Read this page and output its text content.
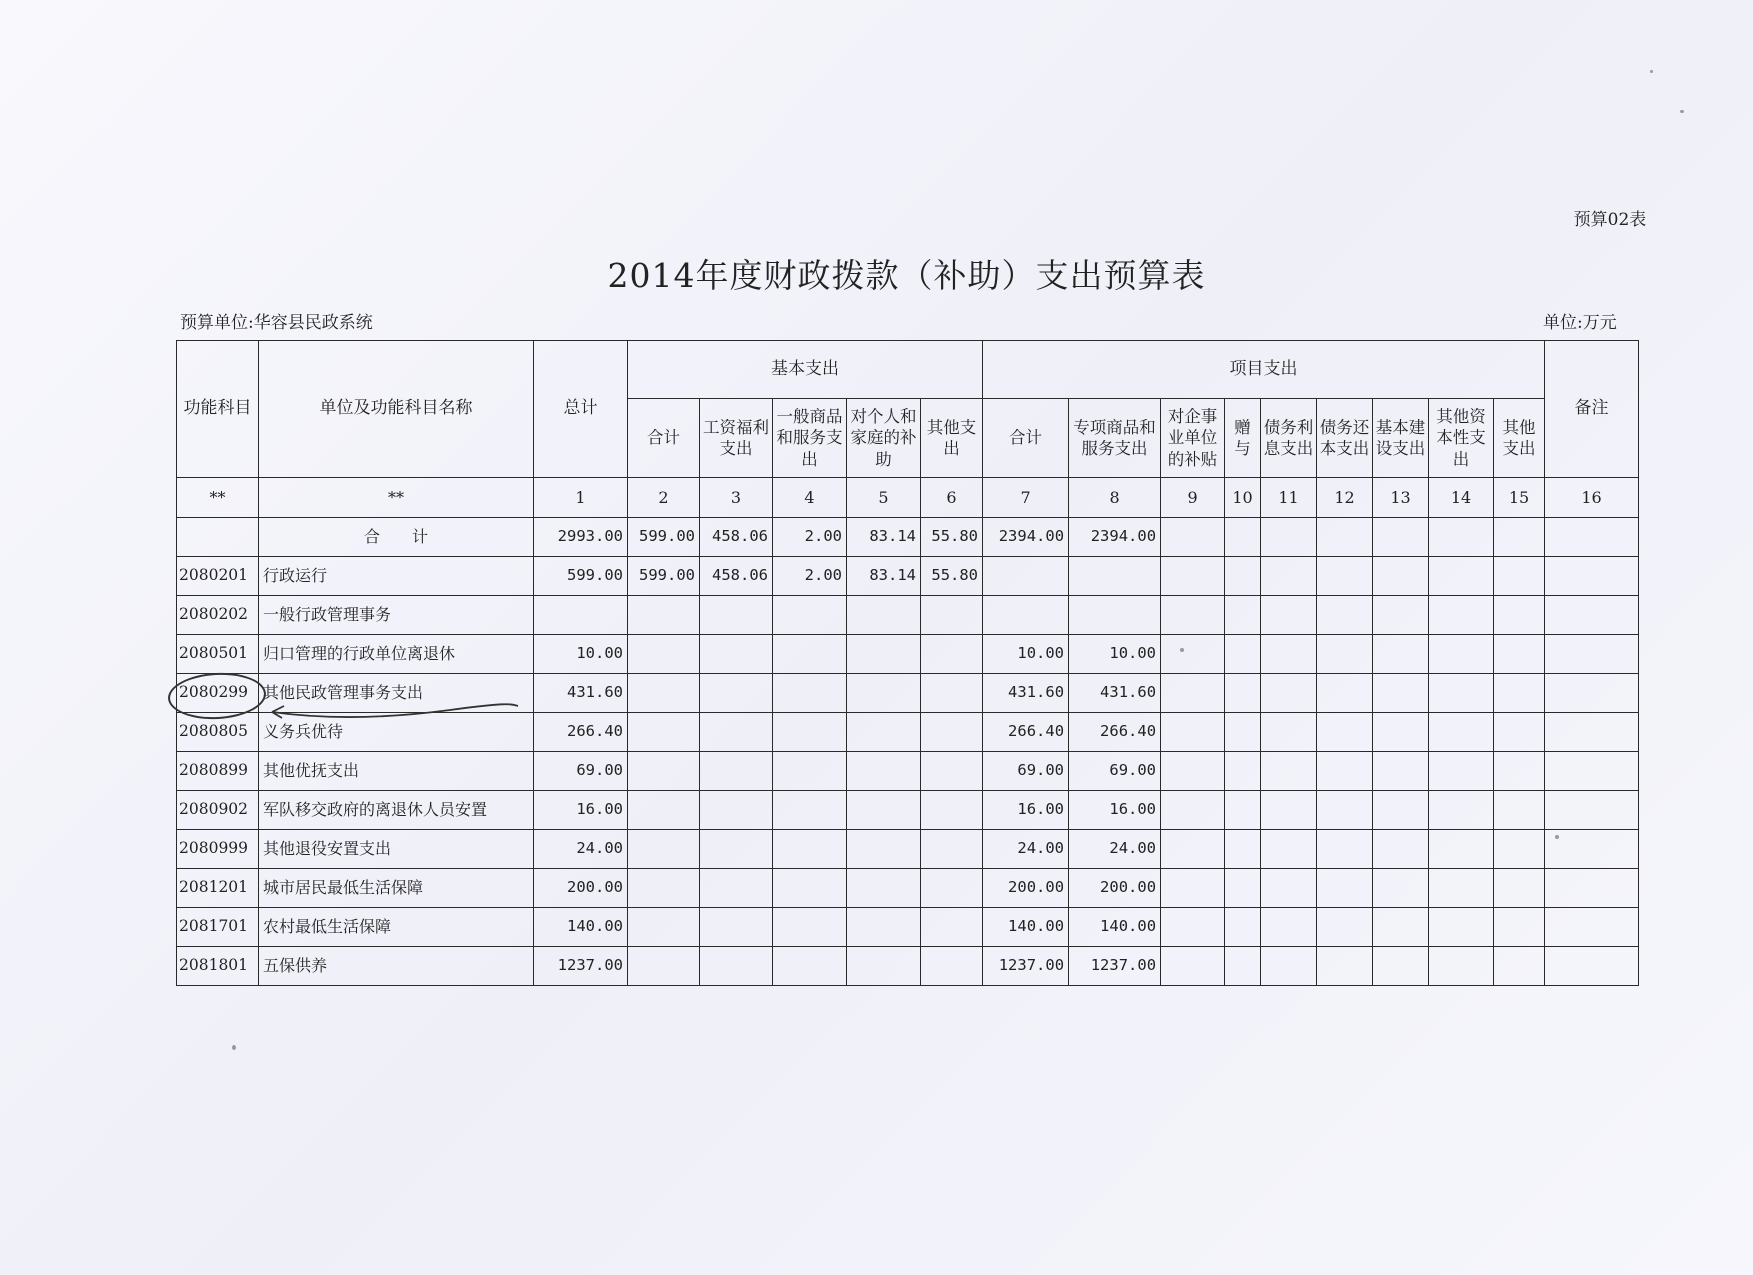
预算02表
2014年度财政拨款（补助）支出预算表
预算单位:华容县民政系统	单位:万元
功能科目	单位及功能科目名称	总计	基本支出					项目支出									备注	
			合计	工资福利支出	一般商品和服务支出	对个人和家庭的补助	其他支出	合计	专项商品和服务支出	对企事业单位的补贴	赠与	债务利息支出	债务还本支出	基本建设支出	其他资本性支出	其他支出		
**	**	1	2	3	4	5	6	7	8	9	10	11	12	13	14	15	16	
	合　　计	2993.00	599.00	458.06	2.00	83.14	55.80	2394.00	2394.00									
2080201	行政运行	599.00	599.00	458.06	2.00	83.14	55.80											
2080202	一般行政管理事务																	
2080501	归口管理的行政单位离退休	10.00						10.00	10.00									
2080299	其他民政管理事务支出	431.60						431.60	431.60									
2080805	义务兵优待	266.40						266.40	266.40									
2080899	其他优抚支出	69.00						69.00	69.00									
2080902	军队移交政府的离退休人员安置	16.00						16.00	16.00									
2080999	其他退役安置支出	24.00						24.00	24.00									
2081201	城市居民最低生活保障	200.00						200.00	200.00									
2081701	农村最低生活保障	140.00						140.00	140.00									
2081801	五保供养	1237.00						1237.00	1237.00									
